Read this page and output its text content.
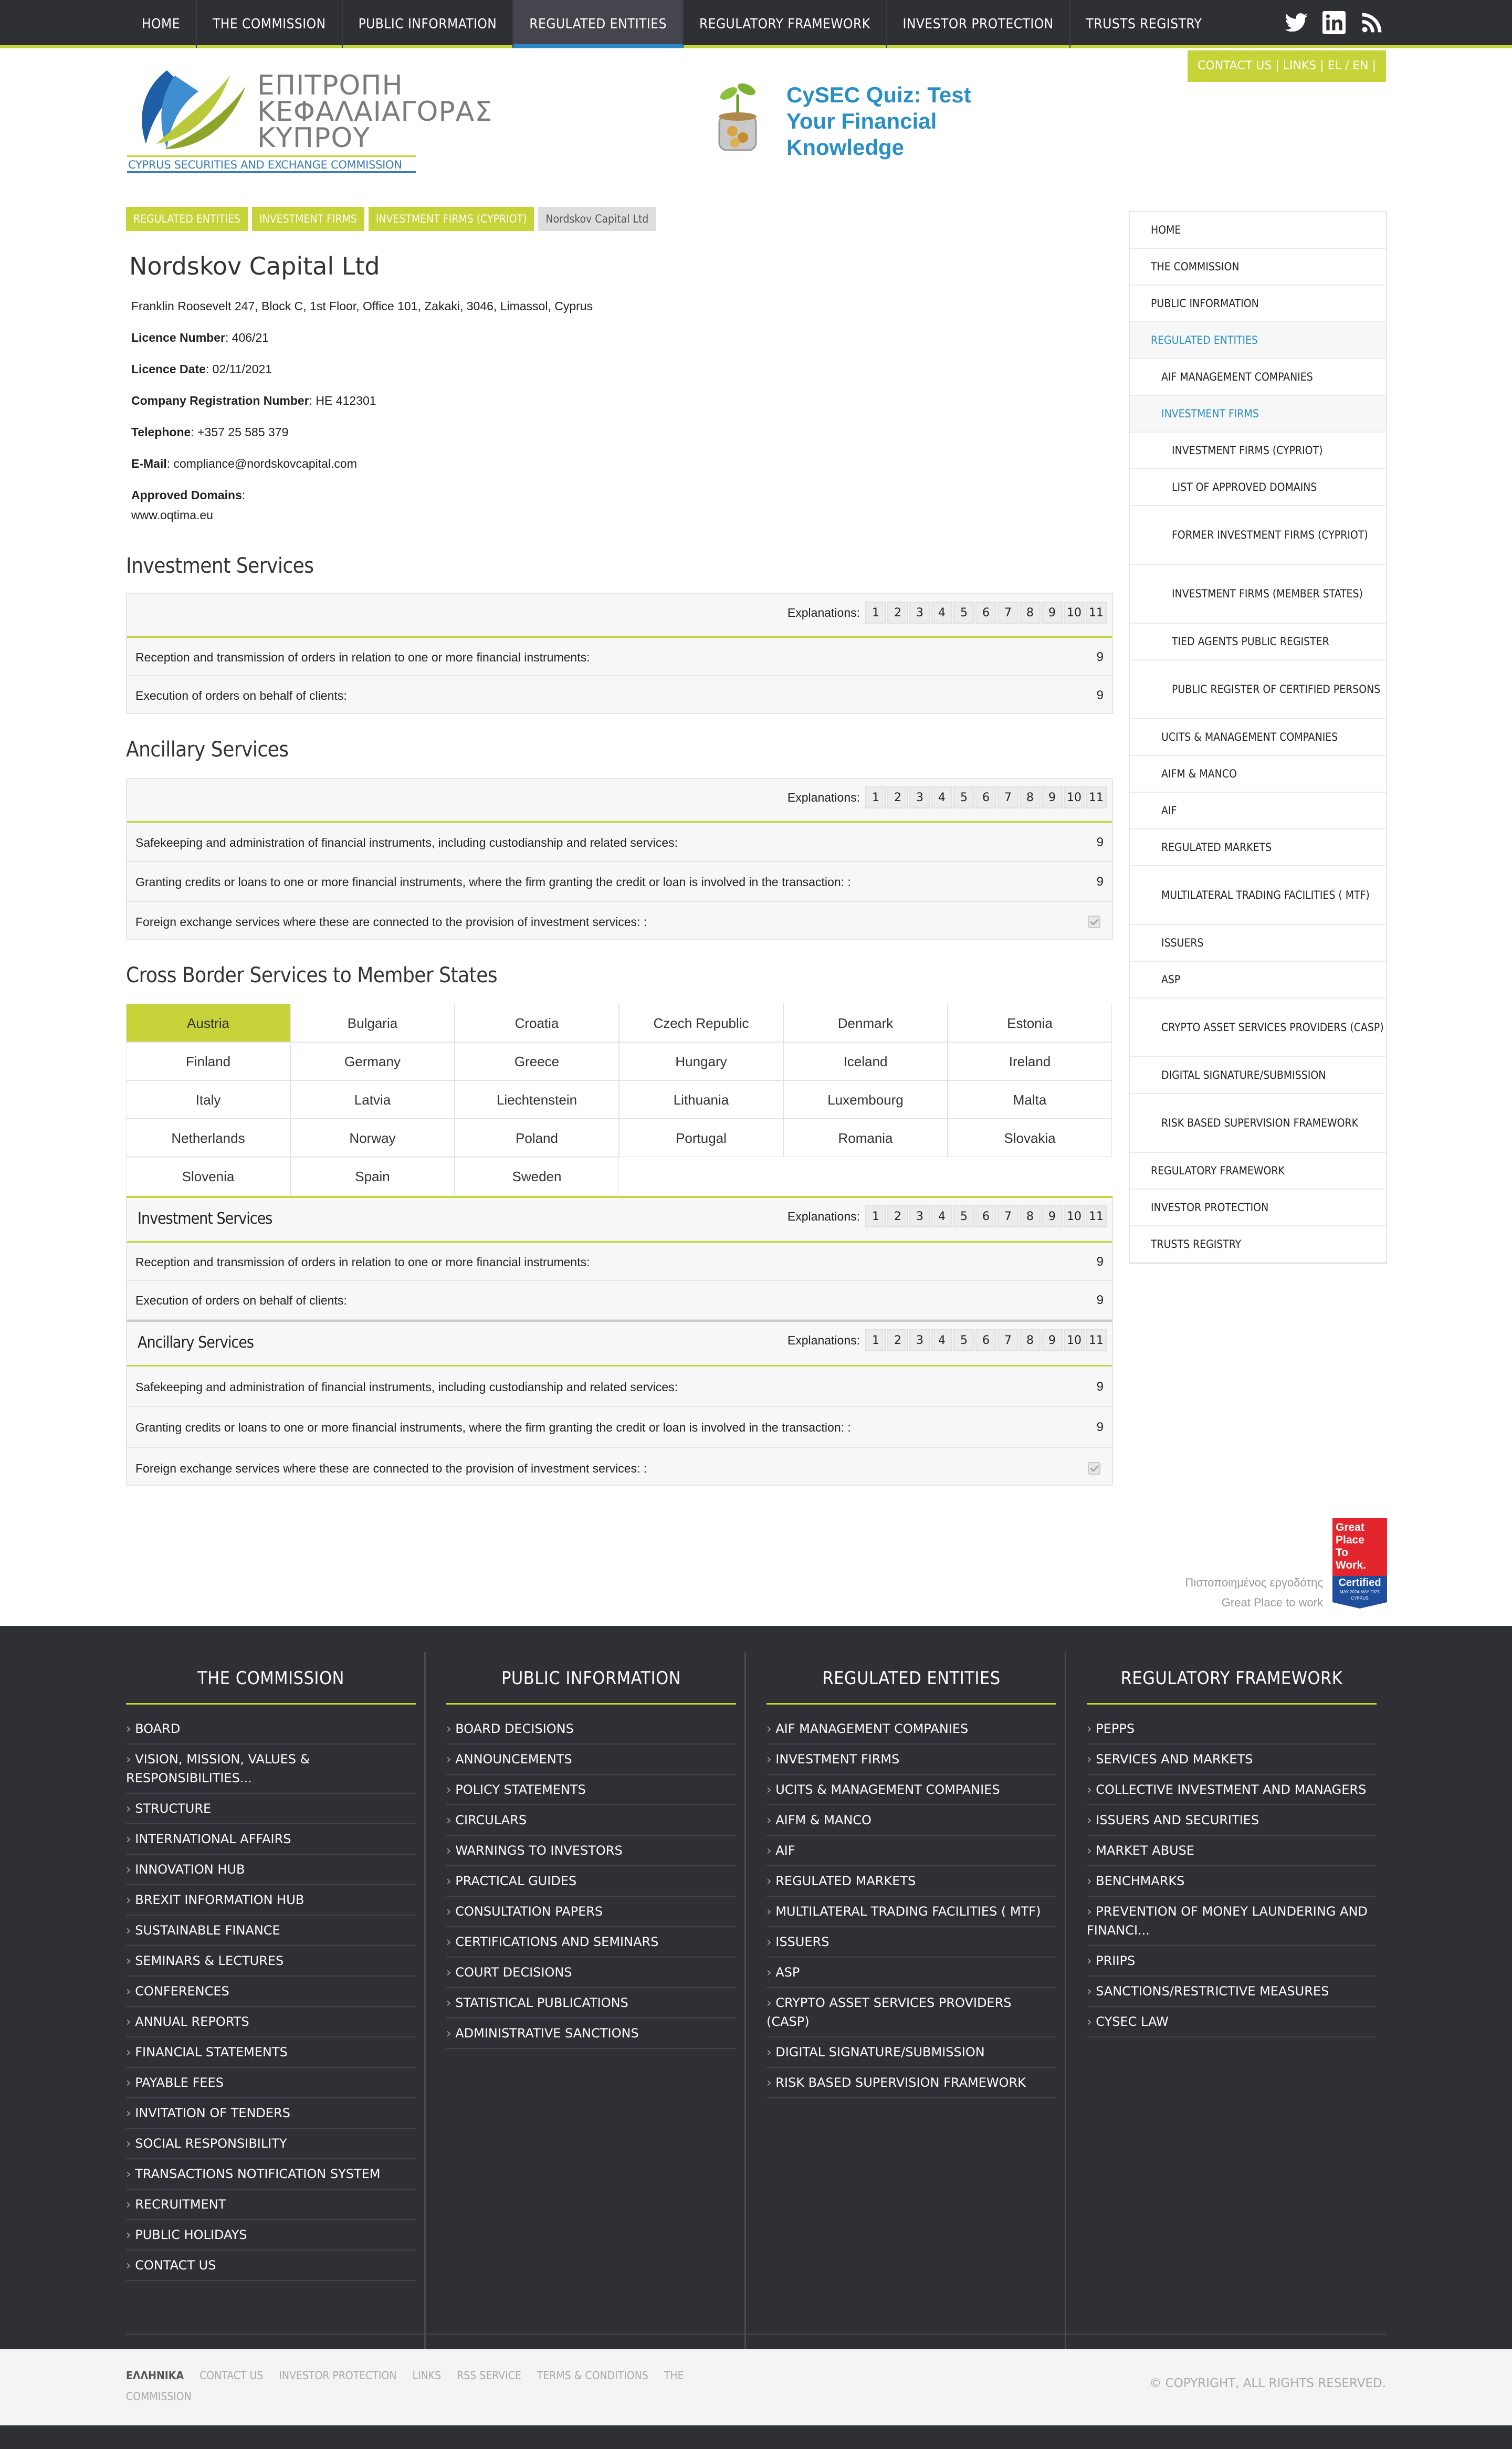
HOME	THE COMMISSION	PUBLIC INFORMATION	REGULATED ENTITIES	REGULATORY FRAMEWORK	INVESTOR PROTECTION	TRUSTS REGISTRY
CONTACT US | LINKS | EL / EN |
ΕΠΙΤΡΟΠΗ
ΚΕΦΑΛΑΙΑΓΟΡΑΣ
ΚΥΠΡΟΥ
CYPRUS SECURITIES AND EXCHANGE COMMISSION
CySEC Quiz: Test Your Financial Knowledge
REGULATED ENTITIES	INVESTMENT FIRMS	INVESTMENT FIRMS (CYPRIOT)	Nordskov Capital Ltd
Nordskov Capital Ltd
Franklin Roosevelt 247, Block C, 1st Floor, Office 101, Zakaki, 3046, Limassol, Cyprus
Licence Number: 406/21
Licence Date: 02/11/2021
Company Registration Number: HE 412301
Telephone: +357 25 585 379
E-Mail: compliance@nordskovcapital.com
Approved Domains:
www.oqtima.eu
Investment Services
Explanations:	1	2	3	4	5	6	7	8	9 10 11
Reception and transmission of orders in relation to one or more financial instruments:	9
Execution of orders on behalf of clients:	9
Ancillary Services
Explanations:	1	2	3	4	5	6	7	8	9 10 11
Safekeeping and administration of financial instruments, including custodianship and related services:	9
Granting credits or loans to one or more financial instruments, where the firm granting the credit or loan is involved in the transaction: :	9
Foreign exchange services where these are connected to the provision of investment services: :
Cross Border Services to Member States
Austria	Bulgaria	Croatia	Czech Republic	Denmark	Estonia
Finland	Germany	Greece	Hungary	Iceland	Ireland
Italy	Latvia	Liechtenstein	Lithuania	Luxembourg	Malta
Netherlands	Norway	Poland	Portugal	Romania	Slovakia
Slovenia	Spain	Sweden
Explanations:	1	2	3	4	5	6	7	8	9 10 11
Investment Services
Reception and transmission of orders in relation to one or more financial instruments:	9
Execution of orders on behalf of clients:	9
Explanations:	1	2	3	4	5	6	7	8	9 10 11
Ancillary Services
Safekeeping and administration of financial instruments, including custodianship and related services:	9
Granting credits or loans to one or more financial instruments, where the firm granting the credit or loan is involved in the transaction: :	9
Foreign exchange services where these are connected to the provision of investment services: :
HOME
THE COMMISSION
PUBLIC INFORMATION
REGULATED ENTITIES
AIF MANAGEMENT COMPANIES
INVESTMENT FIRMS
INVESTMENT FIRMS (CYPRIOT)
LIST OF APPROVED DOMAINS
FORMER INVESTMENT FIRMS (CYPRIOT)
INVESTMENT FIRMS (MEMBER STATES)
TIED AGENTS PUBLIC REGISTER
PUBLIC REGISTER OF CERTIFIED PERSONS
UCITS & MANAGEMENT COMPANIES
AIFM & MANCO
AIF
REGULATED MARKETS
MULTILATERAL TRADING FACILITIES ( MTF)
ISSUERS
ASP
CRYPTO ASSET SERVICES PROVIDERS (CASP)
DIGITAL SIGNATURE/SUBMISSION
RISK BASED SUPERVISION FRAMEWORK
REGULATORY FRAMEWORK
INVESTOR PROTECTION
TRUSTS REGISTRY
Πιστοποιημένος εργοδότης
Great Place to work
Great
Place
To
Work.
Certified
MAY 2024-MAY 2025
CYPRUS
THE COMMISSION
› BOARD
› VISION, MISSION, VALUES & RESPONSIBILITIES...
› STRUCTURE
› INTERNATIONAL AFFAIRS
› INNOVATION HUB
› BREXIT INFORMATION HUB
› SUSTAINABLE FINANCE
› SEMINARS & LECTURES
› CONFERENCES
› ANNUAL REPORTS
› FINANCIAL STATEMENTS
› PAYABLE FEES
› INVITATION OF TENDERS
› SOCIAL RESPONSIBILITY
› TRANSACTIONS NOTIFICATION SYSTEM
› RECRUITMENT
› PUBLIC HOLIDAYS
› CONTACT US
PUBLIC INFORMATION
› BOARD DECISIONS
› ANNOUNCEMENTS
› POLICY STATEMENTS
› CIRCULARS
› WARNINGS TO INVESTORS
› PRACTICAL GUIDES
› CONSULTATION PAPERS
› CERTIFICATIONS AND SEMINARS
› COURT DECISIONS
› STATISTICAL PUBLICATIONS
› ADMINISTRATIVE SANCTIONS
REGULATED ENTITIES
› AIF MANAGEMENT COMPANIES
› INVESTMENT FIRMS
› UCITS & MANAGEMENT COMPANIES
› AIFM & MANCO
› AIF
› REGULATED MARKETS
› MULTILATERAL TRADING FACILITIES ( MTF)
› ISSUERS
› ASP
› CRYPTO ASSET SERVICES PROVIDERS (CASP)
› DIGITAL SIGNATURE/SUBMISSION
› RISK BASED SUPERVISION FRAMEWORK
REGULATORY FRAMEWORK
› PEPPS
› SERVICES AND MARKETS
› COLLECTIVE INVESTMENT AND MANAGERS
› ISSUERS AND SECURITIES
› MARKET ABUSE
› BENCHMARKS
› PREVENTION OF MONEY LAUNDERING AND FINANCI...
› PRIIPS
› SANCTIONS/RESTRICTIVE MEASURES
› CYSEC LAW
ΕΛΛΗΝΙΚΑ CONTACT US INVESTOR PROTECTION LINKS RSS SERVICE TERMS & CONDITIONS THE COMMISSION
© COPYRIGHT, ALL RIGHTS RESERVED.
